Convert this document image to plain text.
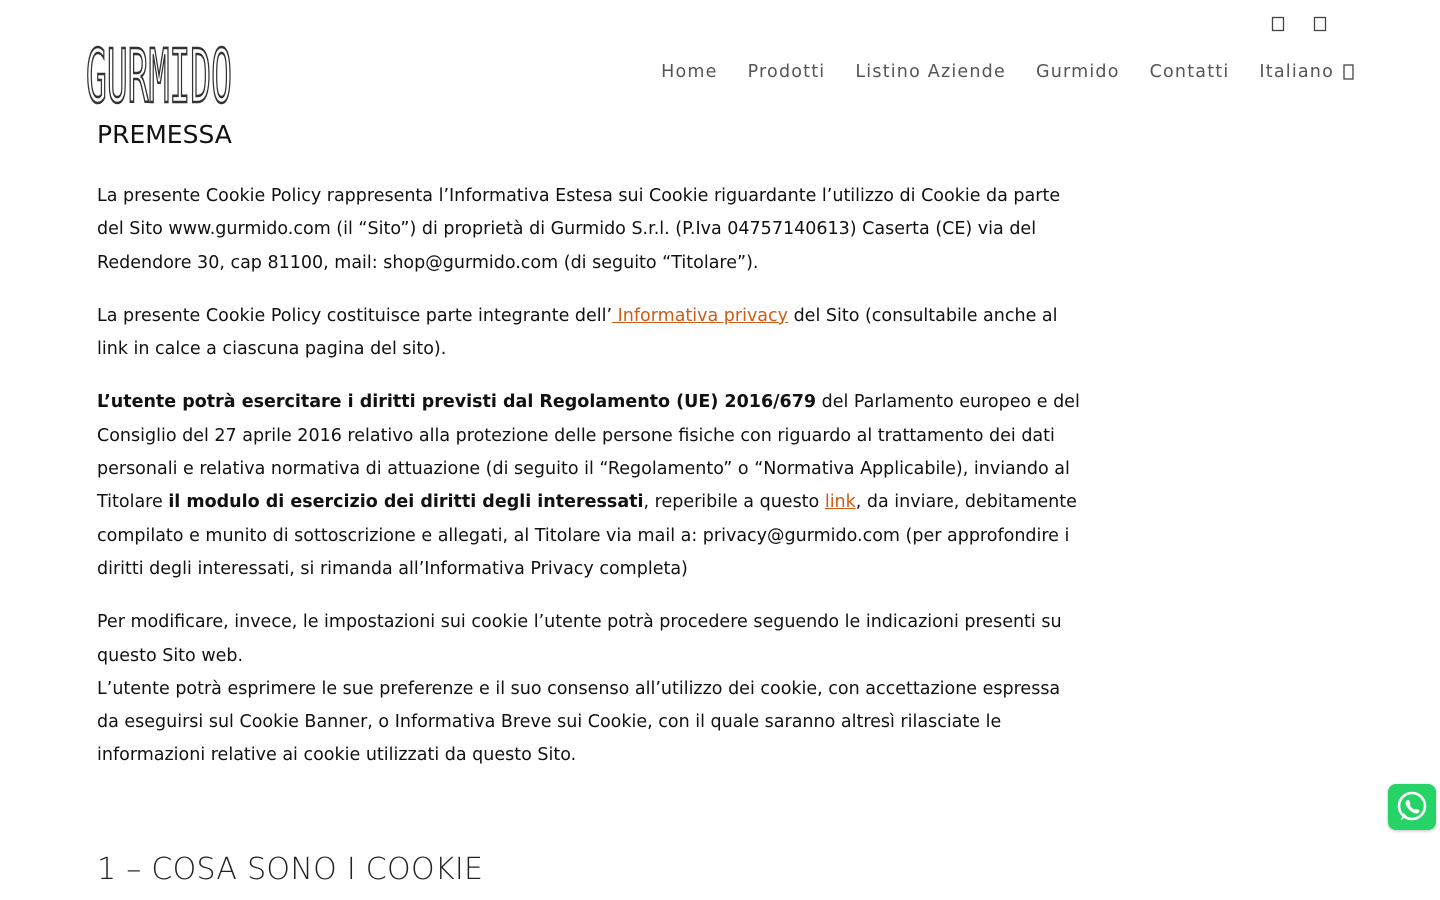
GURMIDO	Home Prodotti Listino Aziende Gurmido Contatti Italiano
PREMESSA

La presente Cookie Policy rappresenta l’Informativa Estesa sui Cookie riguardante l’utilizzo di Cookie da parte del Sito www.gurmido.com (il “Sito”) di proprietà di Gurmido S.r.l. (P.Iva 04757140613) Caserta (CE) via del Redendore 30, cap 81100, mail: shop@gurmido.com (di seguito “Titolare”).

La presente Cookie Policy costituisce parte integrante dell’ Informativa privacy del Sito (consultabile anche al link in calce a ciascuna pagina del sito).

L’utente potrà esercitare i diritti previsti dal Regolamento (UE) 2016/679 del Parlamento europeo e del Consiglio del 27 aprile 2016 relativo alla protezione delle persone fisiche con riguardo al trattamento dei dati personali e relativa normativa di attuazione (di seguito il “Regolamento” o “Normativa Applicabile), inviando al Titolare il modulo di esercizio dei diritti degli interessati, reperibile a questo link, da inviare, debitamente compilato e munito di sottoscrizione e allegati, al Titolare via mail a: privacy@gurmido.com (per approfondire i diritti degli interessati, si rimanda all’Informativa Privacy completa)

Per modificare, invece, le impostazioni sui cookie l’utente potrà procedere seguendo le indicazioni presenti su questo Sito web.
L’utente potrà esprimere le sue preferenze e il suo consenso all’utilizzo dei cookie, con accettazione espressa da eseguirsi sul Cookie Banner, o Informativa Breve sui Cookie, con il quale saranno altresì rilasciate le informazioni relative ai cookie utilizzati da questo Sito.

1 – COSA SONO I COOKIE
